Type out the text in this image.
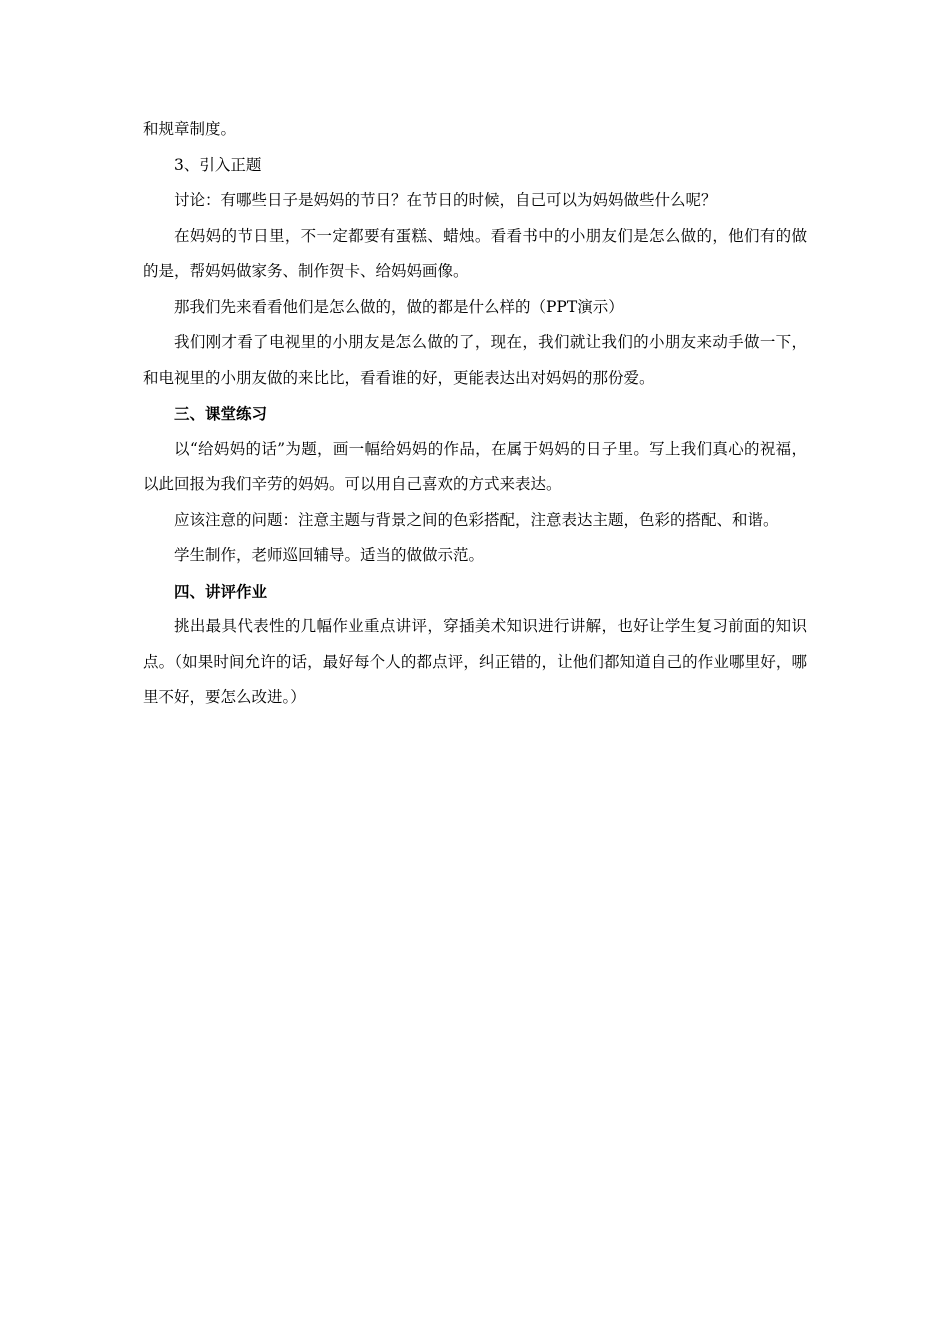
和规章制度。

3、引入正题

讨论：有哪些日子是妈妈的节日？在节日的时候，自己可以为妈妈做些什么呢？

在妈妈的节日里，不一定都要有蛋糕、蜡烛。看看书中的小朋友们是怎么做的，他们有的做的是，帮妈妈做家务、制作贺卡、给妈妈画像。

那我们先来看看他们是怎么做的，做的都是什么样的（PPT演示）

我们刚才看了电视里的小朋友是怎么做的了，现在，我们就让我们的小朋友来动手做一下，和电视里的小朋友做的来比比，看看谁的好，更能表达出对妈妈的那份爱。

三、课堂练习

以“给妈妈的话”为题，画一幅给妈妈的作品，在属于妈妈的日子里。写上我们真心的祝福，以此回报为我们辛劳的妈妈。可以用自己喜欢的方式来表达。

应该注意的问题：注意主题与背景之间的色彩搭配，注意表达主题，色彩的搭配、和谐。

学生制作，老师巡回辅导。适当的做做示范。

四、讲评作业

挑出最具代表性的几幅作业重点讲评，穿插美术知识进行讲解，也好让学生复习前面的知识点。（如果时间允许的话，最好每个人的都点评，纠正错的，让他们都知道自己的作业哪里好，哪里不好，要怎么改进。）
